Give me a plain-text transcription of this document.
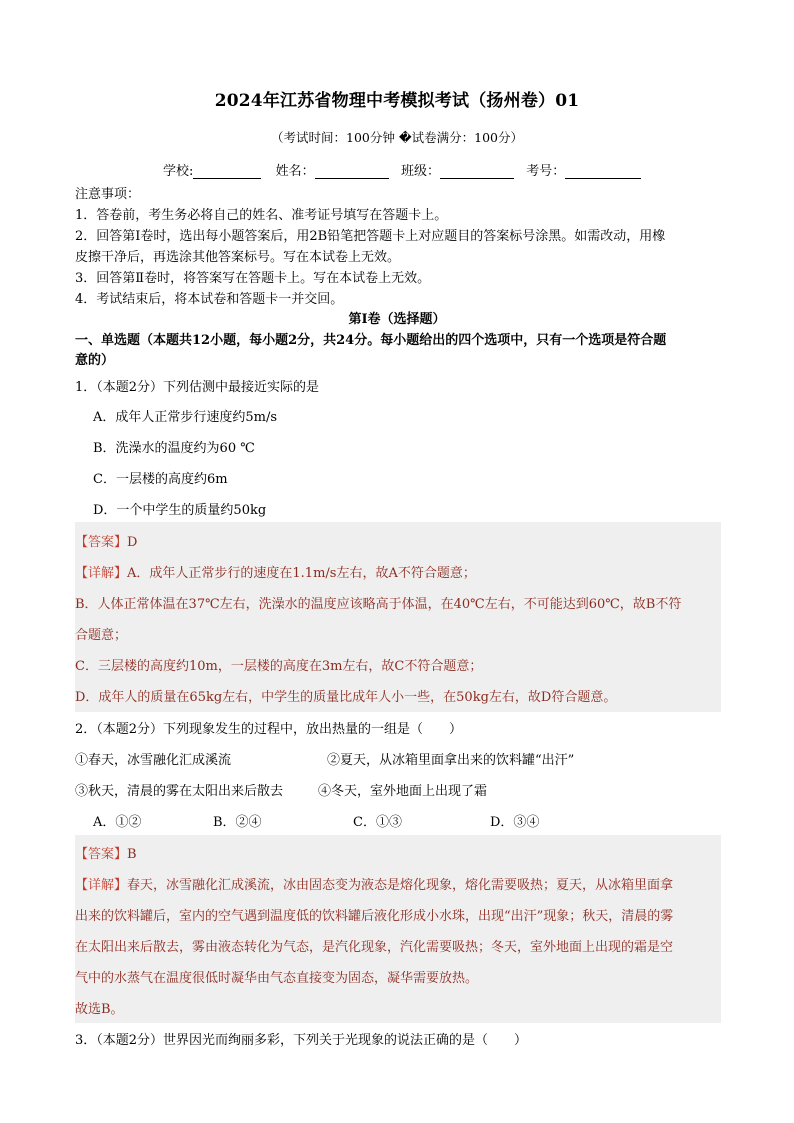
2024年江苏省物理中考模拟考试（扬州卷）01
（考试时间：100分钟 �试卷满分：100分）
学校:	姓名：	班级：	考号：
注意事项：
1．答卷前，考生务必将自己的姓名、准考证号填写在答题卡上。
2．回答第Ⅰ卷时，选出每小题答案后，用2B铅笔把答题卡上对应题目的答案标号涂黑。如需改动，用橡
皮擦干净后，再选涂其他答案标号。写在本试卷上无效。
3．回答第Ⅱ卷时，将答案写在答题卡上。写在本试卷上无效。
4．考试结束后，将本试卷和答题卡一并交回。
第Ⅰ卷（选择题）
一、单选题（本题共12小题，每小题2分，共24分。每小题给出的四个选项中，只有一个选项是符合题
意的）
1．（本题2分）下列估测中最接近实际的是
A．成年人正常步行速度约5m/s
B．洗澡水的温度约为60 ℃
C．一层楼的高度约6m
D．一个中学生的质量约50kg
【答案】D
【详解】A．成年人正常步行的速度在1.1m/s左右，故A不符合题意；
B．人体正常体温在37℃左右，洗澡水的温度应该略高于体温，在40℃左右，不可能达到60℃，故B不符
合题意；
C．三层楼的高度约10m，一层楼的高度在3m左右，故C不符合题意；
D．成年人的质量在65kg左右，中学生的质量比成年人小一些，在50kg左右，故D符合题意。
2．（本题2分）下列现象发生的过程中，放出热量的一组是（　　）
①春天，冰雪融化汇成溪流	②夏天，从冰箱里面拿出来的饮料罐“出汗”
③秋天，清晨的雾在太阳出来后散去	④冬天，室外地面上出现了霜
A．①②	B．②④	C．①③	D．③④
【答案】B
【详解】春天，冰雪融化汇成溪流，冰由固态变为液态是熔化现象，熔化需要吸热；夏天，从冰箱里面拿
出来的饮料罐后，室内的空气遇到温度低的饮料罐后液化形成小水珠，出现“出汗”现象；秋天，清晨的雾
在太阳出来后散去，雾由液态转化为气态，是汽化现象，汽化需要吸热；冬天，室外地面上出现的霜是空
气中的水蒸气在温度很低时凝华由气态直接变为固态，凝华需要放热。
故选B。
3．（本题2分）世界因光而绚丽多彩，下列关于光现象的说法正确的是（　　）
